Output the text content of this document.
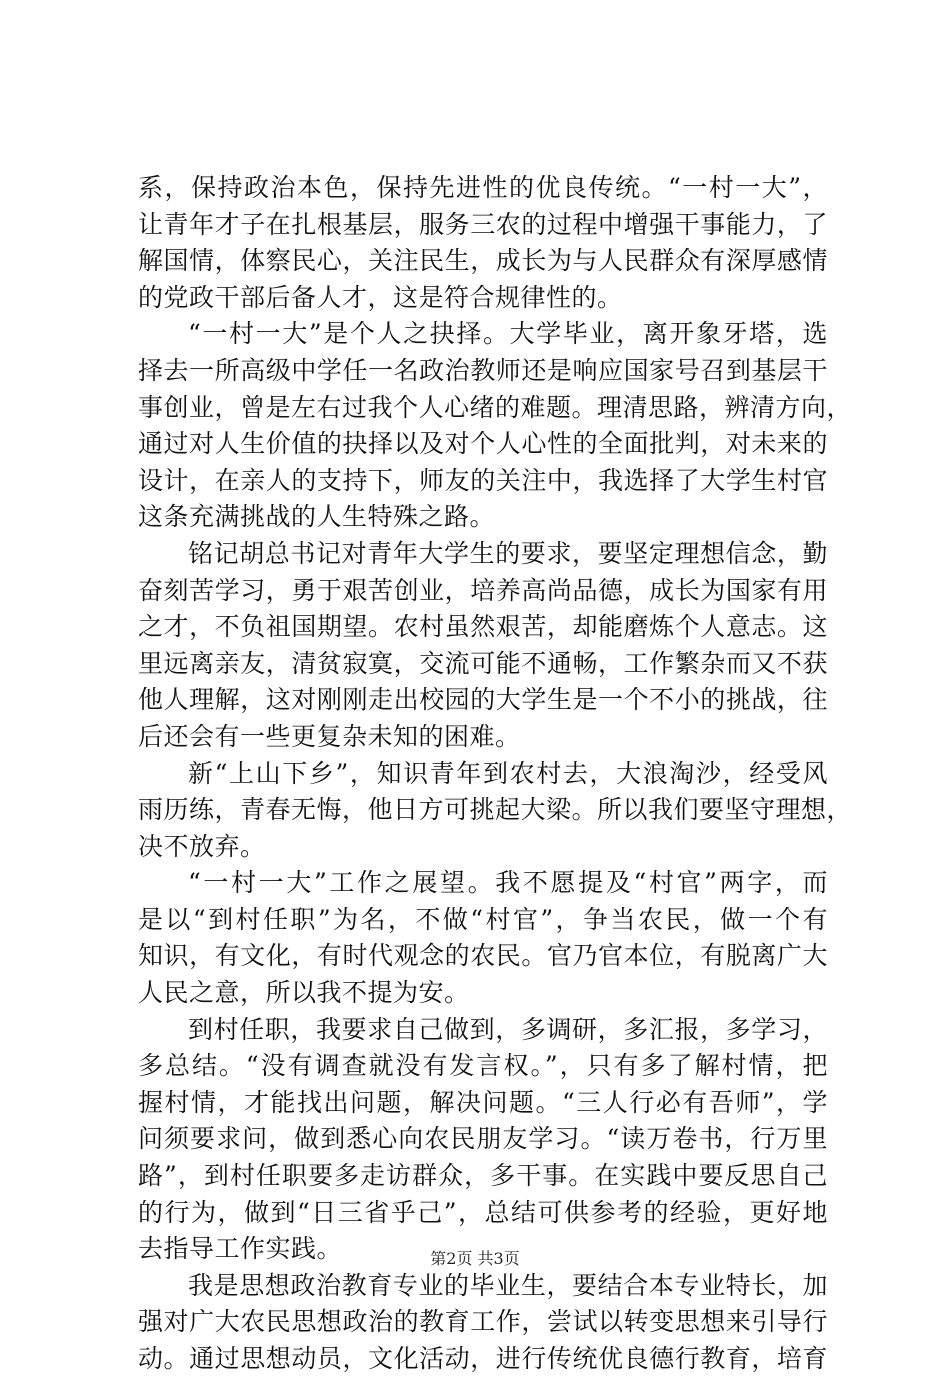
系，保持政治本色，保持先进性的优良传统。“一村一大”，
让青年才子在扎根基层，服务三农的过程中增强干事能力，了
解国情，体察民心，关注民生，成长为与人民群众有深厚感情
的党政干部后备人才，这是符合规律性的。
“一村一大”是个人之抉择。大学毕业，离开象牙塔，选
择去一所高级中学任一名政治教师还是响应国家号召到基层干
事创业，曾是左右过我个人心绪的难题。理清思路，辨清方向，
通过对人生价值的抉择以及对个人心性的全面批判，对未来的
设计，在亲人的支持下，师友的关注中，我选择了大学生村官
这条充满挑战的人生特殊之路。
铭记胡总书记对青年大学生的要求，要坚定理想信念，勤
奋刻苦学习，勇于艰苦创业，培养高尚品德，成长为国家有用
之才，不负祖国期望。农村虽然艰苦，却能磨炼个人意志。这
里远离亲友，清贫寂寞，交流可能不通畅，工作繁杂而又不获
他人理解，这对刚刚走出校园的大学生是一个不小的挑战，往
后还会有一些更复杂未知的困难。
新“上山下乡”，知识青年到农村去，大浪淘沙，经受风
雨历练，青春无悔，他日方可挑起大梁。所以我们要坚守理想，
决不放弃。
“一村一大”工作之展望。我不愿提及“村官”两字，而
是以“到村任职”为名，不做“村官”，争当农民，做一个有
知识，有文化，有时代观念的农民。官乃官本位，有脱离广大
人民之意，所以我不提为安。
到村任职，我要求自己做到，多调研，多汇报，多学习，
多总结。“没有调查就没有发言权。”，只有多了解村情，把
握村情，才能找出问题，解决问题。“三人行必有吾师”，学
问须要求问，做到悉心向农民朋友学习。“读万卷书，行万里
路”，到村任职要多走访群众，多干事。在实践中要反思自己
的行为，做到“日三省乎己”，总结可供参考的经验，更好地
去指导工作实践。
我是思想政治教育专业的毕业生，要结合本专业特长，加
强对广大农民思想政治的教育工作，尝试以转变思想来引导行
动。通过思想动员，文化活动，进行传统优良德行教育，培育
第2页 共3页
